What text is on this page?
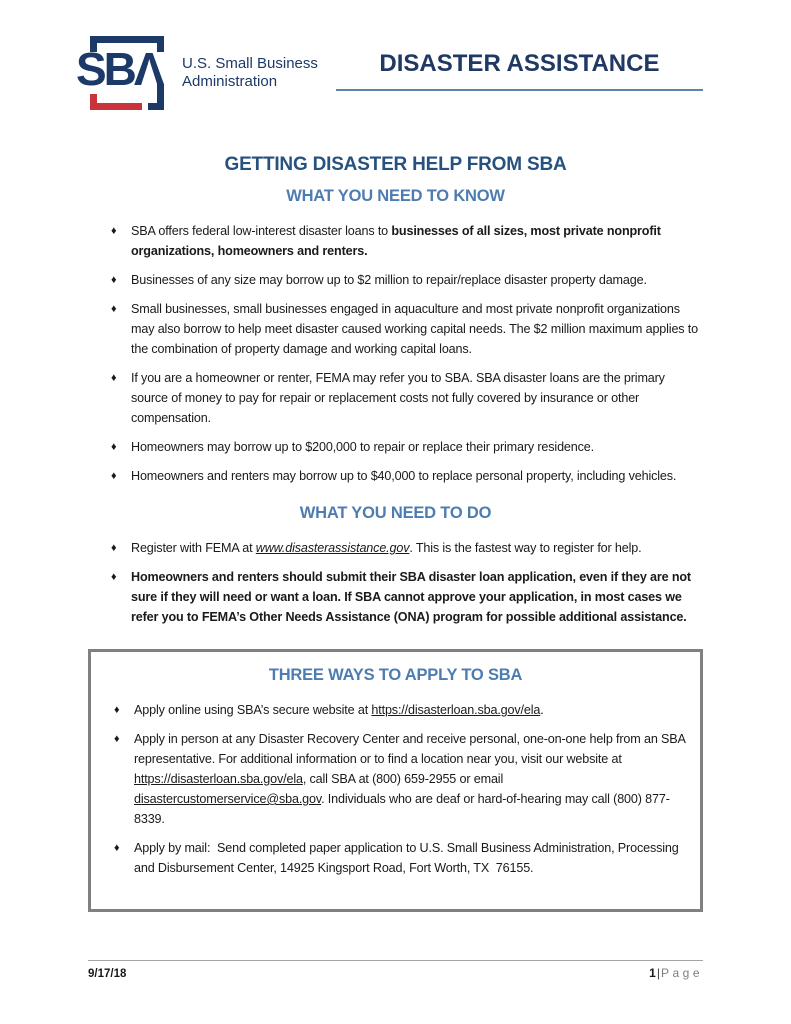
SBΛ	U.S. Small Business
Administration
DISASTER ASSISTANCE
GETTING DISASTER HELP FROM SBA
WHAT YOU NEED TO KNOW
♦	SBA offers federal low-interest disaster loans to businesses of all sizes, most private nonprofit organizations, homeowners and renters.
♦	Businesses of any size may borrow up to $2 million to repair/replace disaster property damage.
♦	Small businesses, small businesses engaged in aquaculture and most private nonprofit organizations may also borrow to help meet disaster caused working capital needs. The $2 million maximum applies to the combination of property damage and working capital loans.
♦	If you are a homeowner or renter, FEMA may refer you to SBA. SBA disaster loans are the primary source of money to pay for repair or replacement costs not fully covered by insurance or other compensation.
♦	Homeowners may borrow up to $200,000 to repair or replace their primary residence.
♦	Homeowners and renters may borrow up to $40,000 to replace personal property, including vehicles.
WHAT YOU NEED TO DO
♦	Register with FEMA at www.disasterassistance.gov. This is the fastest way to register for help.
♦	Homeowners and renters should submit their SBA disaster loan application, even if they are not sure if they will need or want a loan. If SBA cannot approve your application, in most cases we refer you to FEMA’s Other Needs Assistance (ONA) program for possible additional assistance.
THREE WAYS TO APPLY TO SBA
♦	Apply online using SBA’s secure website at https://disasterloan.sba.gov/ela.
♦	Apply in person at any Disaster Recovery Center and receive personal, one-on-one help from an SBA representative. For additional information or to find a location near you, visit our website at https://disasterloan.sba.gov/ela, call SBA at (800) 659-2955 or email disastercustomerservice@sba.gov. Individuals who are deaf or hard-of-hearing may call (800) 877-8339.
♦	Apply by mail:  Send completed paper application to U.S. Small Business Administration, Processing and Disbursement Center, 14925 Kingsport Road, Fort Worth, TX  76155.
9/17/18	1|Page
